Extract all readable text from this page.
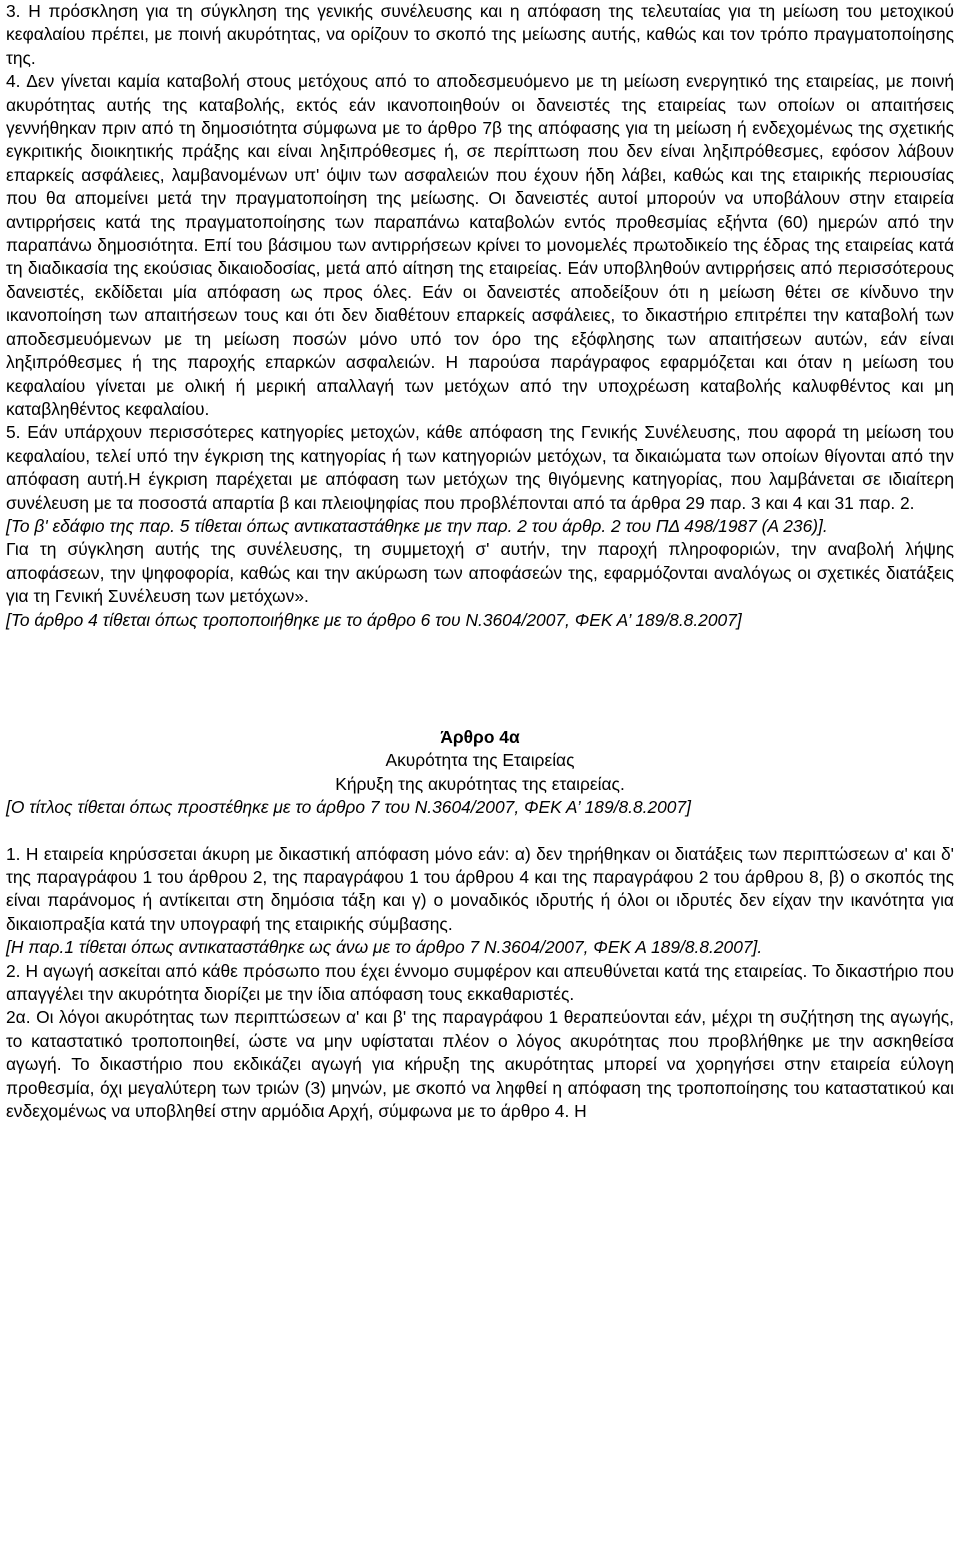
3. Η πρόσκληση για τη σύγκληση της γενικής συνέλευσης και η απόφαση της τελευταίας για τη μείωση του μετοχικού κεφαλαίου πρέπει, με ποινή ακυρότητας, να ορίζουν το σκοπό της μείωσης αυτής, καθώς και τον τρόπο πραγματοποίησης της.

4. Δεν γίνεται καμία καταβολή στους μετόχους από το αποδεσμευόμενο με τη μείωση ενεργητικό της εταιρείας, με ποινή ακυρότητας αυτής της καταβολής, εκτός εάν ικανοποιηθούν οι δανειστές της εταιρείας των οποίων οι απαιτήσεις γεννήθηκαν πριν από τη δημοσιότητα σύμφωνα με το άρθρο 7β της απόφασης για τη μείωση ή ενδεχομένως της σχετικής εγκριτικής διοικητικής πράξης και είναι ληξιπρόθεσμες ή, σε περίπτωση που δεν είναι ληξιπρόθεσμες, εφόσον λάβουν επαρκείς ασφάλειες, λαμβανομένων υπ' όψιν των ασφαλειών που έχουν ήδη λάβει, καθώς και της εταιρικής περιουσίας που θα απομείνει μετά την πραγματοποίηση της μείωσης. Οι δανειστές αυτοί μπορούν να υποβάλουν στην εταιρεία αντιρρήσεις κατά της πραγματοποίησης των παραπάνω καταβολών εντός προθεσμίας εξήντα (60) ημερών από την παραπάνω δημοσιότητα. Επί του βάσιμου των αντιρρήσεων κρίνει το μονομελές πρωτοδικείο της έδρας της εταιρείας κατά τη διαδικασία της εκούσιας δικαιοδοσίας, μετά από αίτηση της εταιρείας. Εάν υποβληθούν αντιρρήσεις από περισσότερους δανειστές, εκδίδεται μία απόφαση ως προς όλες. Εάν οι δανειστές αποδείξουν ότι η μείωση θέτει σε κίνδυνο την ικανοποίηση των απαιτήσεων τους και ότι δεν διαθέτουν επαρκείς ασφάλειες, το δικαστήριο επιτρέπει την καταβολή των αποδεσμευόμενων με τη μείωση ποσών μόνο υπό τον όρο της εξόφλησης των απαιτήσεων αυτών, εάν είναι ληξιπρόθεσμες ή της παροχής επαρκών ασφαλειών. Η παρούσα παράγραφος εφαρμόζεται και όταν η μείωση του κεφαλαίου γίνεται με ολική ή μερική απαλλαγή των μετόχων από την υποχρέωση καταβολής καλυφθέντος και μη καταβληθέντος κεφαλαίου.

5. Εάν υπάρχουν περισσότερες κατηγορίες μετοχών, κάθε απόφαση της Γενικής Συνέλευσης, που αφορά τη μείωση του κεφαλαίου, τελεί υπό την έγκριση της κατηγορίας ή των κατηγοριών μετόχων, τα δικαιώματα των οποίων θίγονται από την απόφαση αυτή.Η έγκριση παρέχεται με απόφαση των μετόχων της θιγόμενης κατηγορίας, που λαμβάνεται σε ιδιαίτερη συνέλευση με τα ποσοστά απαρτία β και πλειοψηφίας που προβλέπονται από τα άρθρα 29 παρ. 3 και 4 και 31 παρ. 2.

[Το β' εδάφιο της παρ. 5 τίθεται όπως αντικαταστάθηκε με την παρ. 2 του άρθρ. 2 του ΠΔ 498/1987 (Α 236)].

Για τη σύγκληση αυτής της συνέλευσης, τη συμμετοχή σ' αυτήν, την παροχή πληροφοριών, την αναβολή λήψης αποφάσεων, την ψηφοφορία, καθώς και την ακύρωση των αποφάσεών της, εφαρμόζονται αναλόγως οι σχετικές διατάξεις για τη Γενική Συνέλευση των μετόχων».

[Το άρθρο 4 τίθεται όπως τροποποιήθηκε με το άρθρο 6 του Ν.3604/2007, ΦΕΚ Α’ 189/8.8.2007]

Άρθρο 4α

Ακυρότητα της Εταιρείας

Κήρυξη της ακυρότητας της εταιρείας.

[Ο τίτλος τίθεται όπως προστέθηκε με το άρθρο 7 του Ν.3604/2007, ΦΕΚ Α’ 189/8.8.2007]

1. Η εταιρεία κηρύσσεται άκυρη με δικαστική απόφαση μόνο εάν: α) δεν τηρήθηκαν οι διατάξεις των περιπτώσεων α' και δ' της παραγράφου 1 του άρθρου 2, της παραγράφου 1 του άρθρου 4 και της παραγράφου 2 του άρθρου 8, β) ο σκοπός της είναι παράνομος ή αντίκειται στη δημόσια τάξη και γ) ο μοναδικός ιδρυτής ή όλοι οι ιδρυτές δεν είχαν την ικανότητα για δικαιοπραξία κατά την υπογραφή της εταιρικής σύμβασης.

[Η παρ.1 τίθεται όπως αντικαταστάθηκε ως άνω με το άρθρο 7 Ν.3604/2007, ΦΕΚ Α 189/8.8.2007].

2. Η αγωγή ασκείται από κάθε πρόσωπο που έχει έννομο συμφέρον και απευθύνεται κατά της εταιρείας. Το δικαστήριο που απαγγέλει την ακυρότητα διορίζει με την ίδια απόφαση τους εκκαθαριστές.

2α. Οι λόγοι ακυρότητας των περιπτώσεων α' και β' της παραγράφου 1 θεραπεύονται εάν, μέχρι τη συζήτηση της αγωγής, το καταστατικό τροποποιηθεί, ώστε να μην υφίσταται πλέον ο λόγος ακυρότητας που προβλήθηκε με την ασκηθείσα αγωγή. Το δικαστήριο που εκδικάζει αγωγή για κήρυξη της ακυρότητας μπορεί να χορηγήσει στην εταιρεία εύλογη προθεσμία, όχι μεγαλύτερη των τριών (3) μηνών, με σκοπό να ληφθεί η απόφαση της τροποποίησης του καταστατικού και ενδεχομένως να υποβληθεί στην αρμόδια Αρχή, σύμφωνα με το άρθρο 4. Η
